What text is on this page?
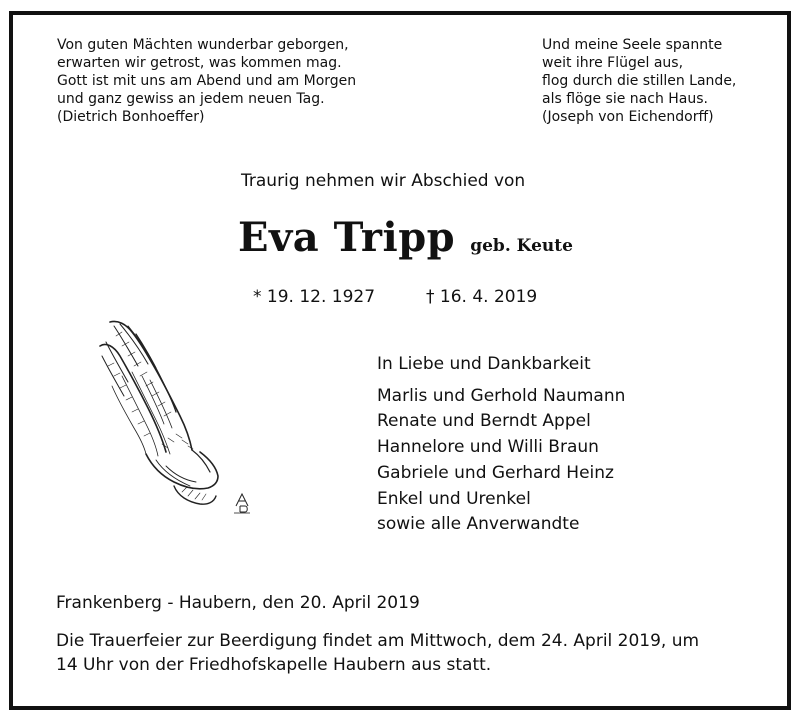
Von guten Mächten wunderbar geborgen,
erwarten wir getrost, was kommen mag.
Gott ist mit uns am Abend und am Morgen
und ganz gewiss an jedem neuen Tag.
(Dietrich Bonhoeffer)
Und meine Seele spannte
weit ihre Flügel aus,
flog durch die stillen Lande,
als flöge sie nach Haus.
(Joseph von Eichendorff)
Traurig nehmen wir Abschied von
Eva Tripp geb. Keute
* 19. 12. 1927	† 16. 4. 2019
In Liebe und Dankbarkeit
Marlis und Gerhold Naumann
Renate und Berndt Appel
Hannelore und Willi Braun
Gabriele und Gerhard Heinz
Enkel und Urenkel
sowie alle Anverwandte
Frankenberg - Haubern, den 20. April 2019
Die Trauerfeier zur Beerdigung findet am Mittwoch, dem 24. April 2019, um
14 Uhr von der Friedhofskapelle Haubern aus statt.
